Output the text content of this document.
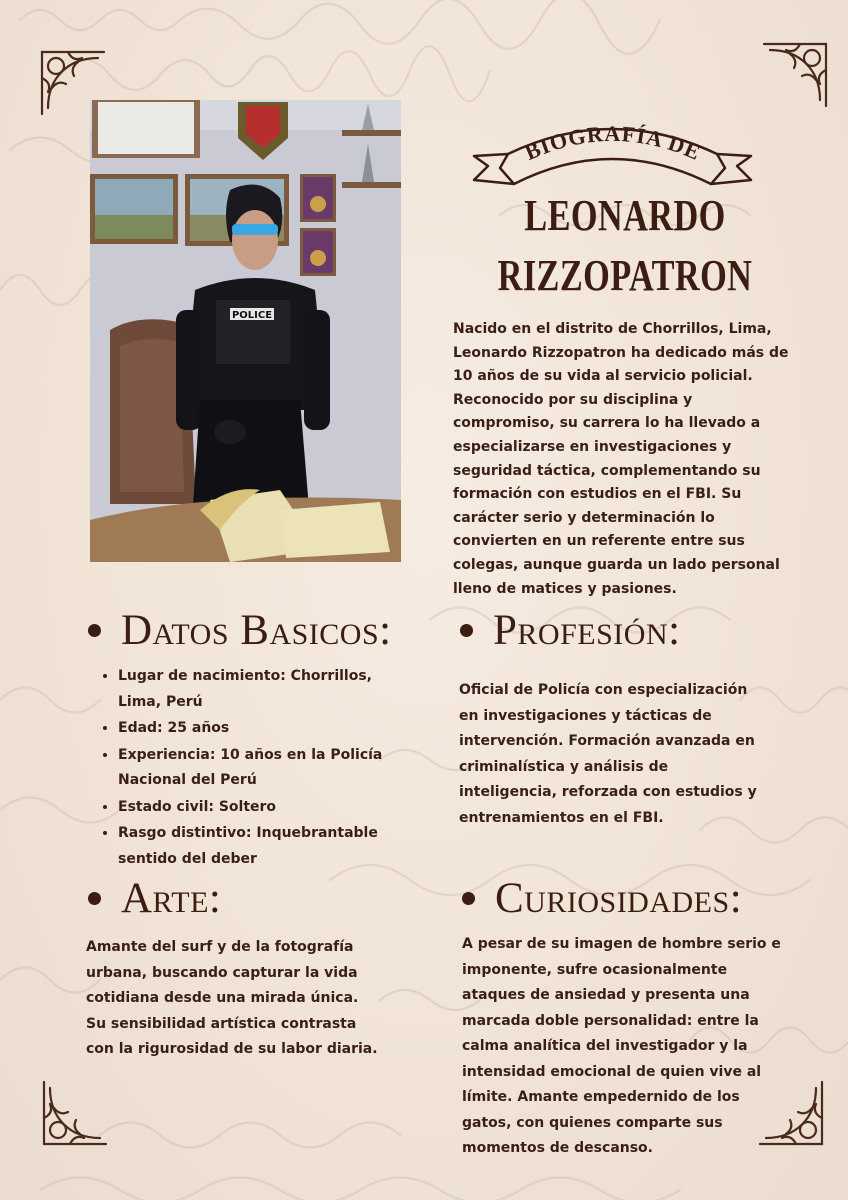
POLICE
BIOGRAFÍA DE
LEONARDO
RIZZOPATRON
Nacido en el distrito de Chorrillos, Lima, Leonardo Rizzopatron ha dedicado más de 10 años de su vida al servicio policial. Reconocido por su disciplina y compromiso, su carrera lo ha llevado a especializarse en investigaciones y seguridad táctica, complementando su formación con estudios en el FBI. Su carácter serio y determinación lo convierten en un referente entre sus colegas, aunque guarda un lado personal lleno de matices y pasiones.
Datos Basicos:
• Lugar de nacimiento: Chorrillos, Lima, Perú
• Edad: 25 años
• Experiencia: 10 años en la Policía Nacional del Perú
• Estado civil: Soltero
• Rasgo distintivo: Inquebrantable sentido del deber
Profesión:
Oficial de Policía con especialización en investigaciones y tácticas de intervención. Formación avanzada en criminalística y análisis de inteligencia, reforzada con estudios y entrenamientos en el FBI.
Arte:
Amante del surf y de la fotografía urbana, buscando capturar la vida cotidiana desde una mirada única. Su sensibilidad artística contrasta con la rigurosidad de su labor diaria.
Curiosidades:
A pesar de su imagen de hombre serio e imponente, sufre ocasionalmente ataques de ansiedad y presenta una marcada doble personalidad: entre la calma analítica del investigador y la intensidad emocional de quien vive al límite. Amante empedernido de los gatos, con quienes comparte sus momentos de descanso.
